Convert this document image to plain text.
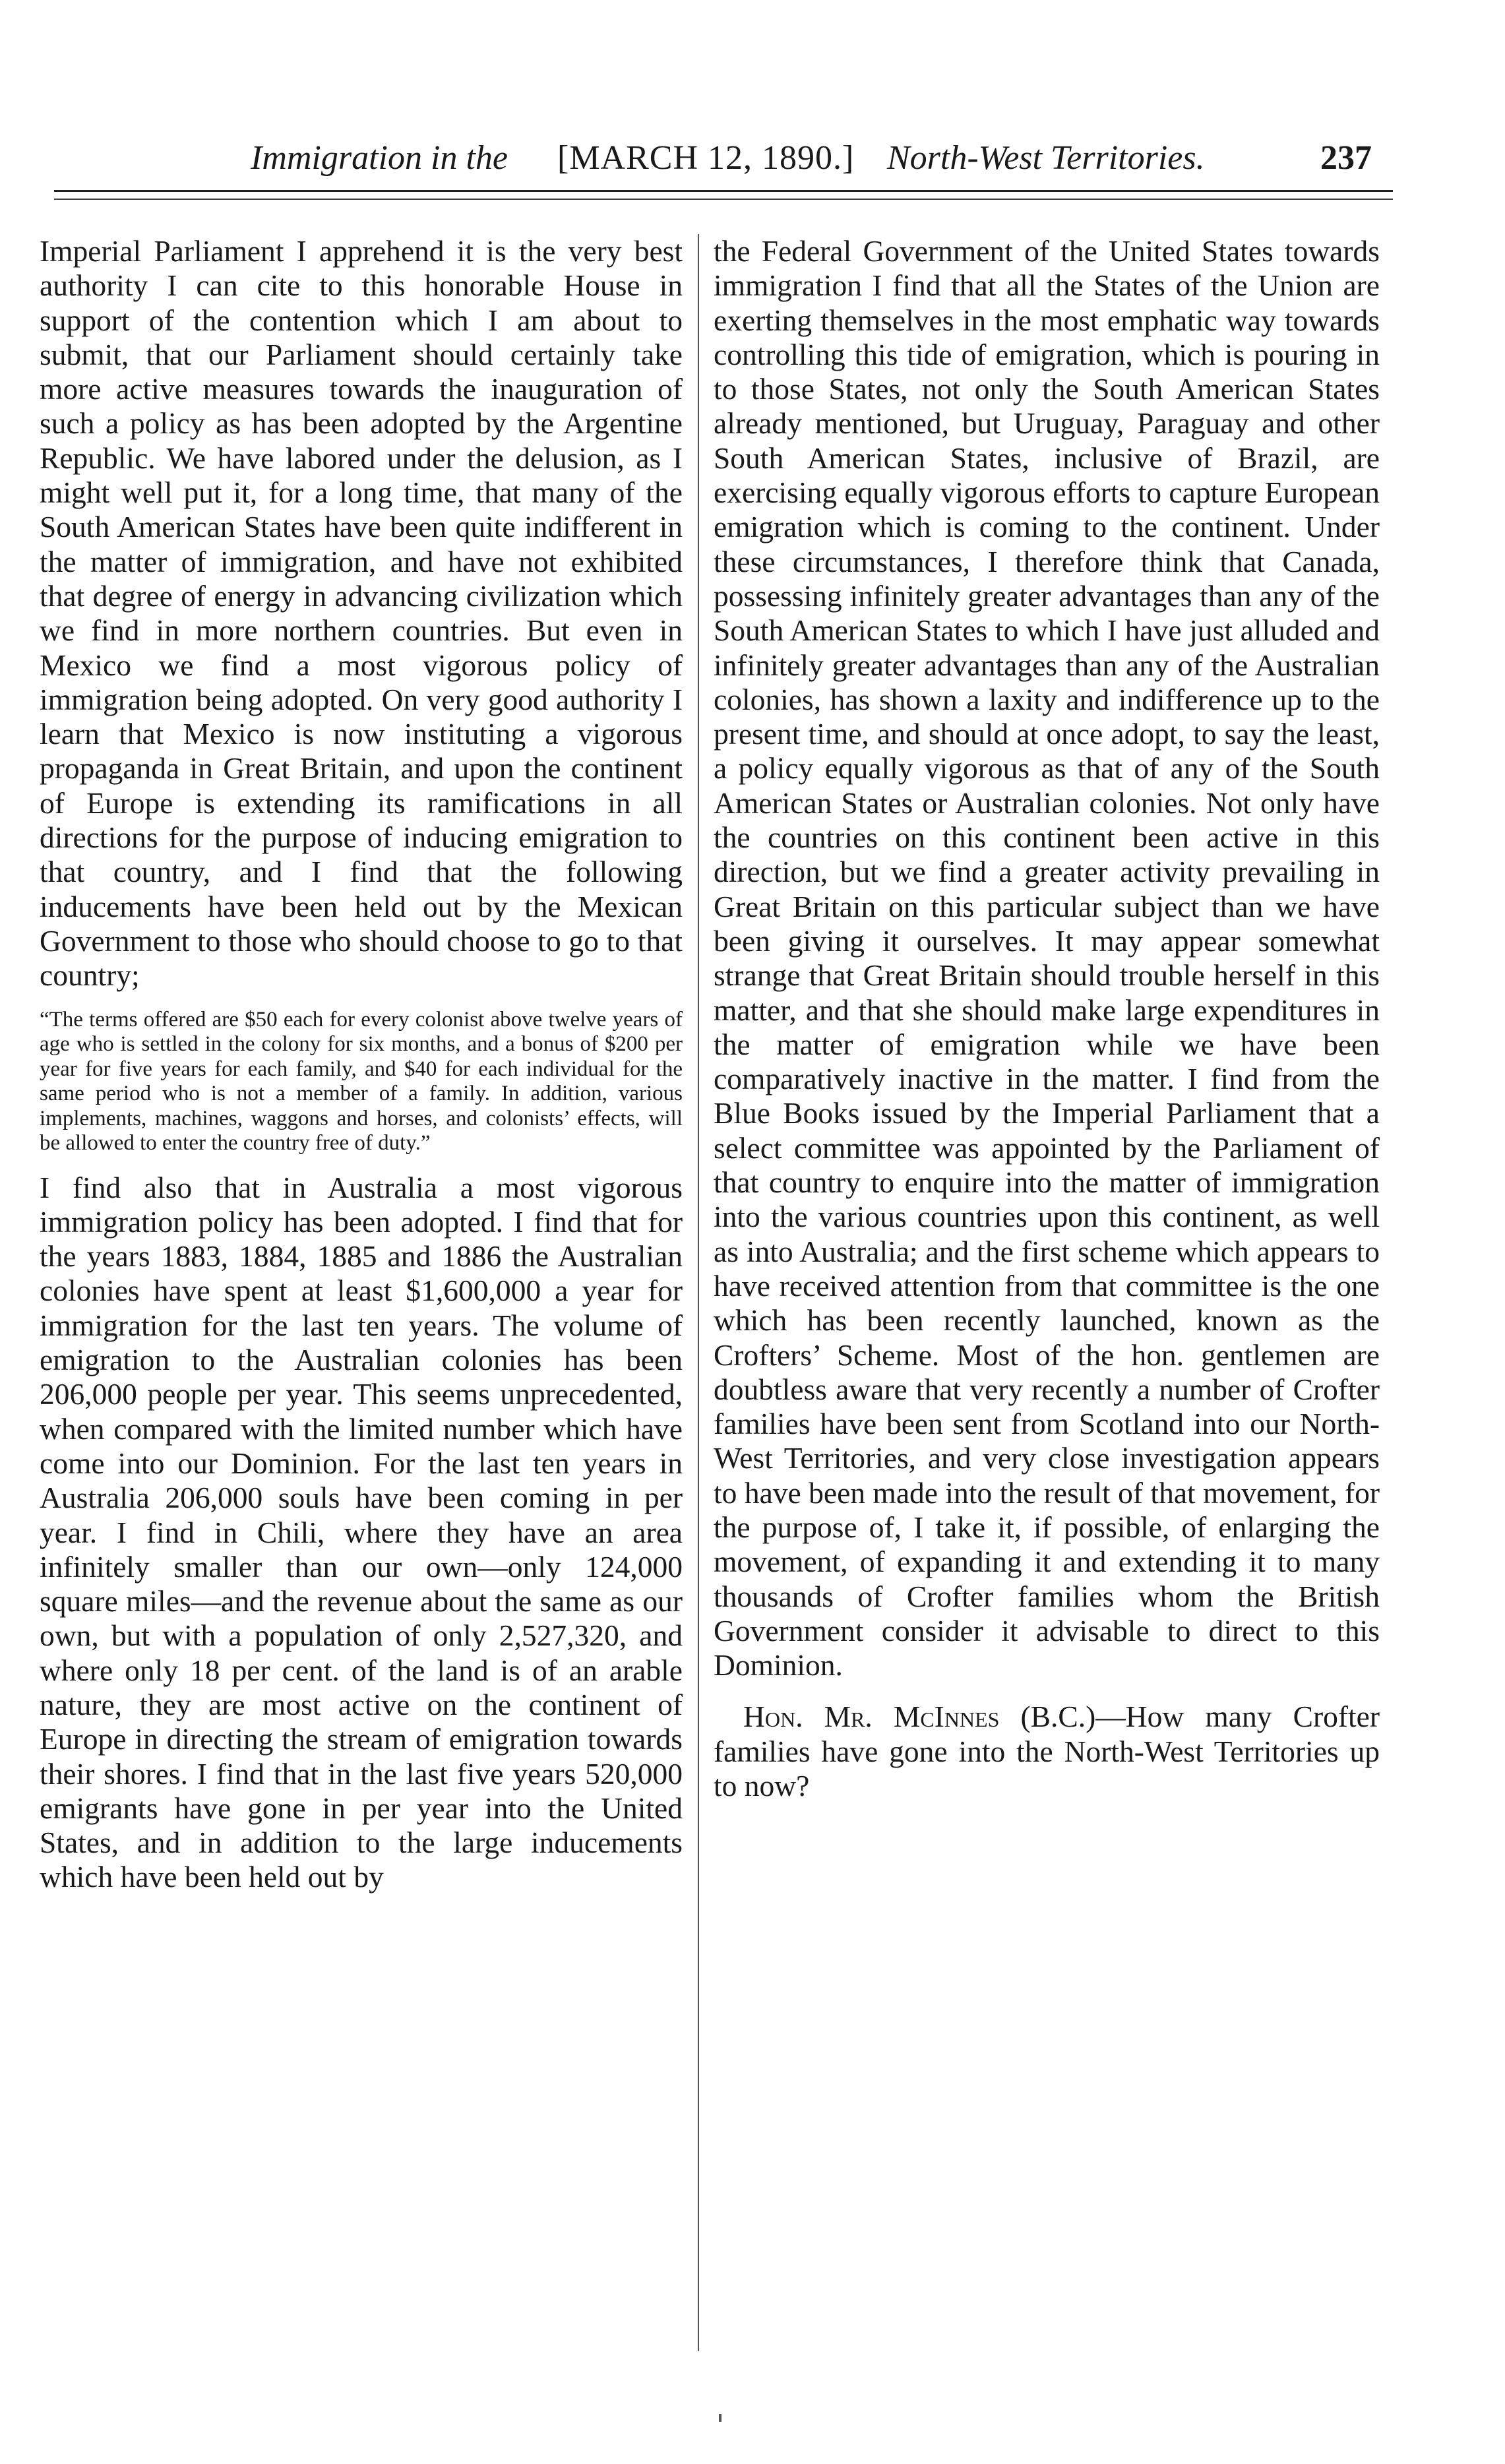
Immigration in the [MARCH 12, 1890.] North-West Territories.	237

Imperial Parliament I apprehend it is the very best authority I can cite to this honorable House in support of the contention which I am about to submit, that our Parliament should certainly take more active measures towards the inauguration of such a policy as has been adopted by the Argentine Republic. We have labored under the delusion, as I might well put it, for a long time, that many of the South American States have been quite indifferent in the matter of immigration, and have not exhibited that degree of energy in advancing civilization which we find in more northern countries. But even in Mexico we find a most vigorous policy of immigration being adopted. On very good authority I learn that Mexico is now instituting a vigorous propaganda in Great Britain, and upon the continent of Europe is extending its ramifications in all directions for the purpose of inducing emigration to that country, and I find that the following inducements have been held out by the Mexican Government to those who should choose to go to that country;

“The terms offered are $50 each for every colonist above twelve years of age who is settled in the colony for six months, and a bonus of $200 per year for five years for each family, and $40 for each individual for the same period who is not a member of a family. In addition, various implements, machines, waggons and horses, and colonists’ effects, will be allowed to enter the country free of duty.”

I find also that in Australia a most vigorous immigration policy has been adopted. I find that for the years 1883, 1884, 1885 and 1886 the Australian colonies have spent at least $1,600,000 a year for immigration for the last ten years. The volume of emigration to the Australian colonies has been 206,000 people per year. This seems unprecedented, when compared with the limited number which have come into our Dominion. For the last ten years in Australia 206,000 souls have been coming in per year. I find in Chili, where they have an area infinitely smaller than our own—only 124,000 square miles—and the revenue about the same as our own, but with a population of only 2,527,320, and where only 18 per cent. of the land is of an arable nature, they are most active on the continent of Europe in directing the stream of emigration towards their shores. I find that in the last five years 520,000 emigrants have gone in per year into the United States, and in addition to the large inducements which have been held out by

the Federal Government of the United States towards immigration I find that all the States of the Union are exerting themselves in the most emphatic way towards controlling this tide of emigration, which is pouring in to those States, not only the South American States already mentioned, but Uruguay, Paraguay and other South American States, inclusive of Brazil, are exercising equally vigorous efforts to capture European emigration which is coming to the continent. Under these circumstances, I therefore think that Canada, possessing infinitely greater advantages than any of the South American States to which I have just alluded and infinitely greater advantages than any of the Australian colonies, has shown a laxity and indifference up to the present time, and should at once adopt, to say the least, a policy equally vigorous as that of any of the South American States or Australian colonies. Not only have the countries on this continent been active in this direction, but we find a greater activity prevailing in Great Britain on this particular subject than we have been giving it ourselves. It may appear somewhat strange that Great Britain should trouble herself in this matter, and that she should make large expenditures in the matter of emigration while we have been comparatively inactive in the matter. I find from the Blue Books issued by the Imperial Parliament that a select committee was appointed by the Parliament of that country to enquire into the matter of immigration into the various countries upon this continent, as well as into Australia; and the first scheme which appears to have received attention from that committee is the one which has been recently launched, known as the Crofters’ Scheme. Most of the hon. gentlemen are doubtless aware that very recently a number of Crofter families have been sent from Scotland into our North-West Territories, and very close investigation appears to have been made into the result of that movement, for the purpose of, I take it, if possible, of enlarging the movement, of expanding it and extending it to many thousands of Crofter families whom the British Government consider it advisable to direct to this Dominion.

Hon. Mr. McInnes (B.C.)—How many Crofter families have gone into the North-West Territories up to now?
